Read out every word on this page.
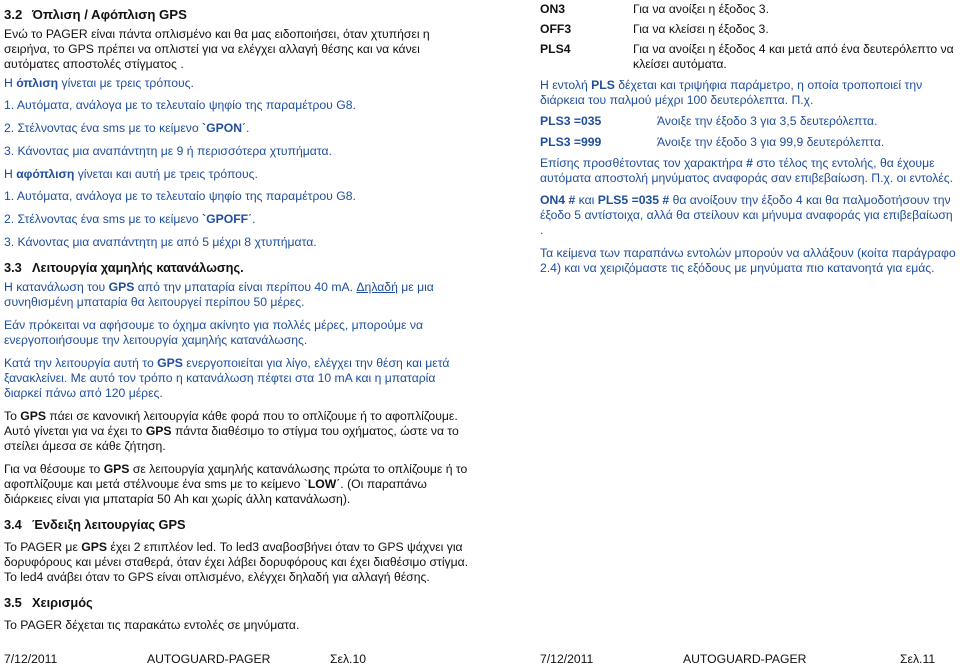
3.2 Όπλιση / Αφόπλιση GPS

Ενώ το PAGER είναι πάντα οπλισμένο και θα μας ειδοποιήσει, όταν χτυπήσει η σειρήνα, το GPS πρέπει να οπλιστεί για να ελέγχει αλλαγή θέσης και να κάνει αυτόματες αποστολές στίγματος .

Η όπλιση γίνεται με τρεις τρόπους.

1. Αυτόματα, ανάλογα με το τελευταίο ψηφίο της παραμέτρου G8.

2. Στέλνοντας ένα sms με το κείμενο `GPON΄.

3. Κάνοντας μια αναπάντητη με 9 ή περισσότερα χτυπήματα.

Η αφόπλιση γίνεται και αυτή με τρεις τρόπους.

1. Αυτόματα, ανάλογα με το τελευταίο ψηφίο της παραμέτρου G8.

2. Στέλνοντας ένα sms με το κείμενο `GPOFF΄.

3. Κάνοντας μια αναπάντητη με από 5 μέχρι 8 χτυπήματα.

3.3 Λειτουργία χαμηλής κατανάλωσης.

Η κατανάλωση του GPS από την μπαταρία είναι περίπου 40 mA. Δηλαδή με μια συνηθισμένη μπαταρία θα λειτουργεί περίπου 50 μέρες.

Εάν πρόκειται να αφήσουμε το όχημα ακίνητο για πολλές μέρες, μπορούμε να ενεργοποιήσουμε την λειτουργία χαμηλής κατανάλωσης.

Κατά την λειτουργία αυτή το GPS ενεργοποιείται για λίγο, ελέγχει την θέση και μετά ξανακλείνει. Με αυτό τον τρόπο η κατανάλωση πέφτει στα 10 mA και η μπαταρία διαρκεί πάνω από 120 μέρες.

Το GPS πάει σε κανονική λειτουργία κάθε φορά που το οπλίζουμε ή το αφοπλίζουμε. Αυτό γίνεται για να έχει το GPS πάντα διαθέσιμο το στίγμα του οχήματος, ώστε να το στείλει άμεσα σε κάθε ζήτηση.

Για να θέσουμε το GPS σε λειτουργία χαμηλής κατανάλωσης πρώτα το οπλίζουμε ή το αφοπλίζουμε και μετά στέλνουμε ένα sms με το κείμενο `LOW΄. (Οι παραπάνω διάρκειες είναι για μπαταρία 50 Ah και χωρίς άλλη κατανάλωση).

3.4 Ένδειξη λειτουργίας GPS

Το PAGER με GPS έχει 2 επιπλέον led. Το led3 αναβοσβήνει όταν το GPS ψάχνει για δορυφόρους και μένει σταθερά, όταν έχει λάβει δορυφόρους και έχει διαθέσιμο στίγμα. Το led4 ανάβει όταν το GPS είναι οπλισμένο, ελέγχει δηλαδή για αλλαγή θέσης.

3.5 Χειρισμός

Το PAGER δέχεται τις παρακάτω εντολές σε μηνύματα.

ON3	Για να ανοίξει η έξοδος 3.
OFF3	Για να κλείσει η έξοδος 3.
PLS4	Για να ανοίξει η έξοδος 4 και μετά από ένα δευτερόλεπτο να κλείσει αυτόματα.

Η εντολή PLS δέχεται και τριψήφια παράμετρο, η οποία τροποποιεί την διάρκεια του παλμού μέχρι 100 δευτερόλεπτα. Π.χ.

PLS3 =035	Άνοιξε την έξοδο 3 για 3,5 δευτερόλεπτα.
PLS3 =999	Άνοιξε την έξοδο 3 για 99,9 δευτερόλεπτα.

Επίσης προσθέτοντας τον χαρακτήρα # στο τέλος της εντολής, θα έχουμε αυτόματα αποστολή μηνύματος αναφοράς σαν επιβεβαίωση. Π.χ. οι εντολές.

ON4 # και PLS5 =035 # θα ανοίξουν την έξοδο 4 και θα παλμοδοτήσουν την έξοδο 5 αντίστοιχα, αλλά θα στείλουν και μήνυμα αναφοράς για επιβεβαίωση .

Τα κείμενα των παραπάνω εντολών μπορούν να αλλάξουν (κοίτα παράγραφο 2.4) και να χειριζόμαστε τις εξόδους με μηνύματα πιο κατανοητά για εμάς.

7/12/2011	AUTOGUARD-PAGER	Σελ.10	7/12/2011	AUTOGUARD-PAGER	Σελ.11
